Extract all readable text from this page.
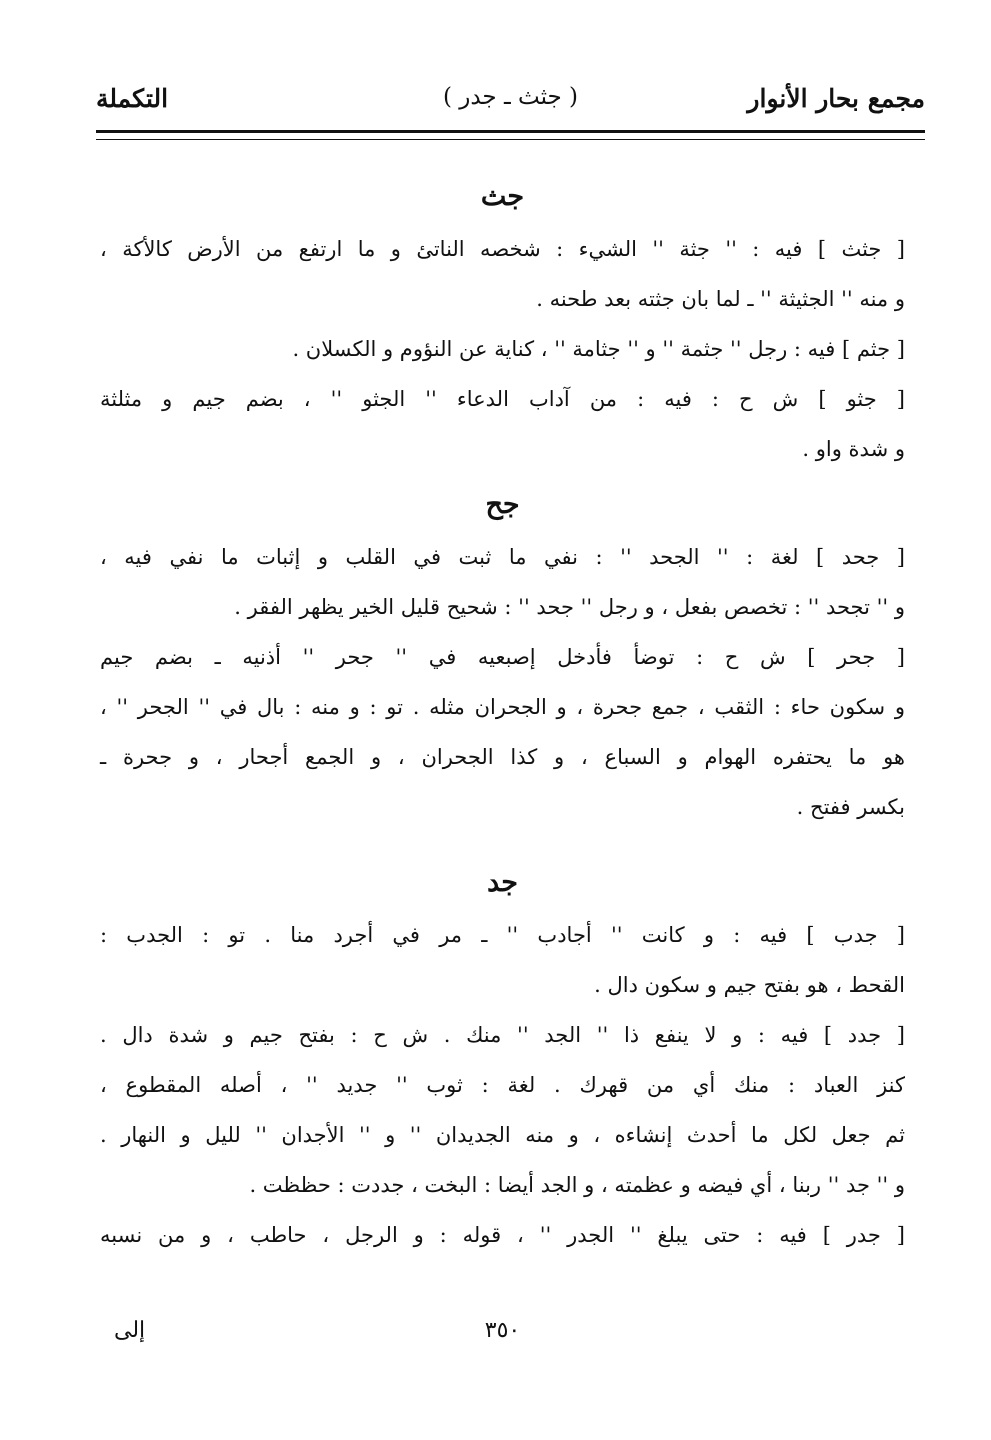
مجمع بحار الأنوار
( جثث ـ جدر )
التكملة
جث

[ جثث ] فيه : '' جثة '' الشيء : شخصه الناتئ و ما ارتفع من الأرض كالأكة ،
و منه '' الجثيثة '' ـ لما بان جثته بعد طحنه .

[ جثم ] فيه : رجل '' جثمة '' و '' جثامة '' ، كناية عن النؤوم و الكسلان .

[ جثو ] ش ح : فيه : من آداب الدعاء '' الجثو '' ، بضم جيم و مثلثة
و شدة واو .

جح

[ جحد ] لغة : '' الجحد '' : نفي ما ثبت في القلب و إثبات ما نفي فيه ،
و '' تجحد '' : تخصص بفعل ، و رجل '' جحد '' : شحيح قليل الخير يظهر الفقر .

[ جحر ] ش ح : توضأ فأدخل إصبعيه في '' جحر '' أذنيه ـ بضم جيم
و سكون حاء : الثقب ، جمع جحرة ، و الجحران مثله . تو : و منه : بال في '' الجحر '' ،
هو ما يحتفره الهوام و السباع ، و كذا الجحران ، و الجمع أجحار ، و جحرة ـ
بكسر ففتح .

جد

[ جدب ] فيه : و كانت '' أجادب '' ـ مر في أجرد منا . تو : الجدب :
القحط ، هو بفتح جيم و سكون دال .

[ جدد ] فيه : و لا ينفع ذا '' الجد '' منك . ش ح : بفتح جيم و شدة دال .
كنز العباد : منك أي من قهرك . لغة : ثوب '' جديد '' ، أصله المقطوع ،
ثم جعل لكل ما أحدث إنشاءه ، و منه الجديدان '' و '' الأجدان '' لليل و النهار .
و '' جد '' ربنا ، أي فيضه و عظمته ، و الجد أيضا : البخت ، جددت : حظظت .

[ جدر ] فيه : حتى يبلغ '' الجدر '' ، قوله : و الرجل ، حاطب ، و من نسبه

٣٥٠
إلى
